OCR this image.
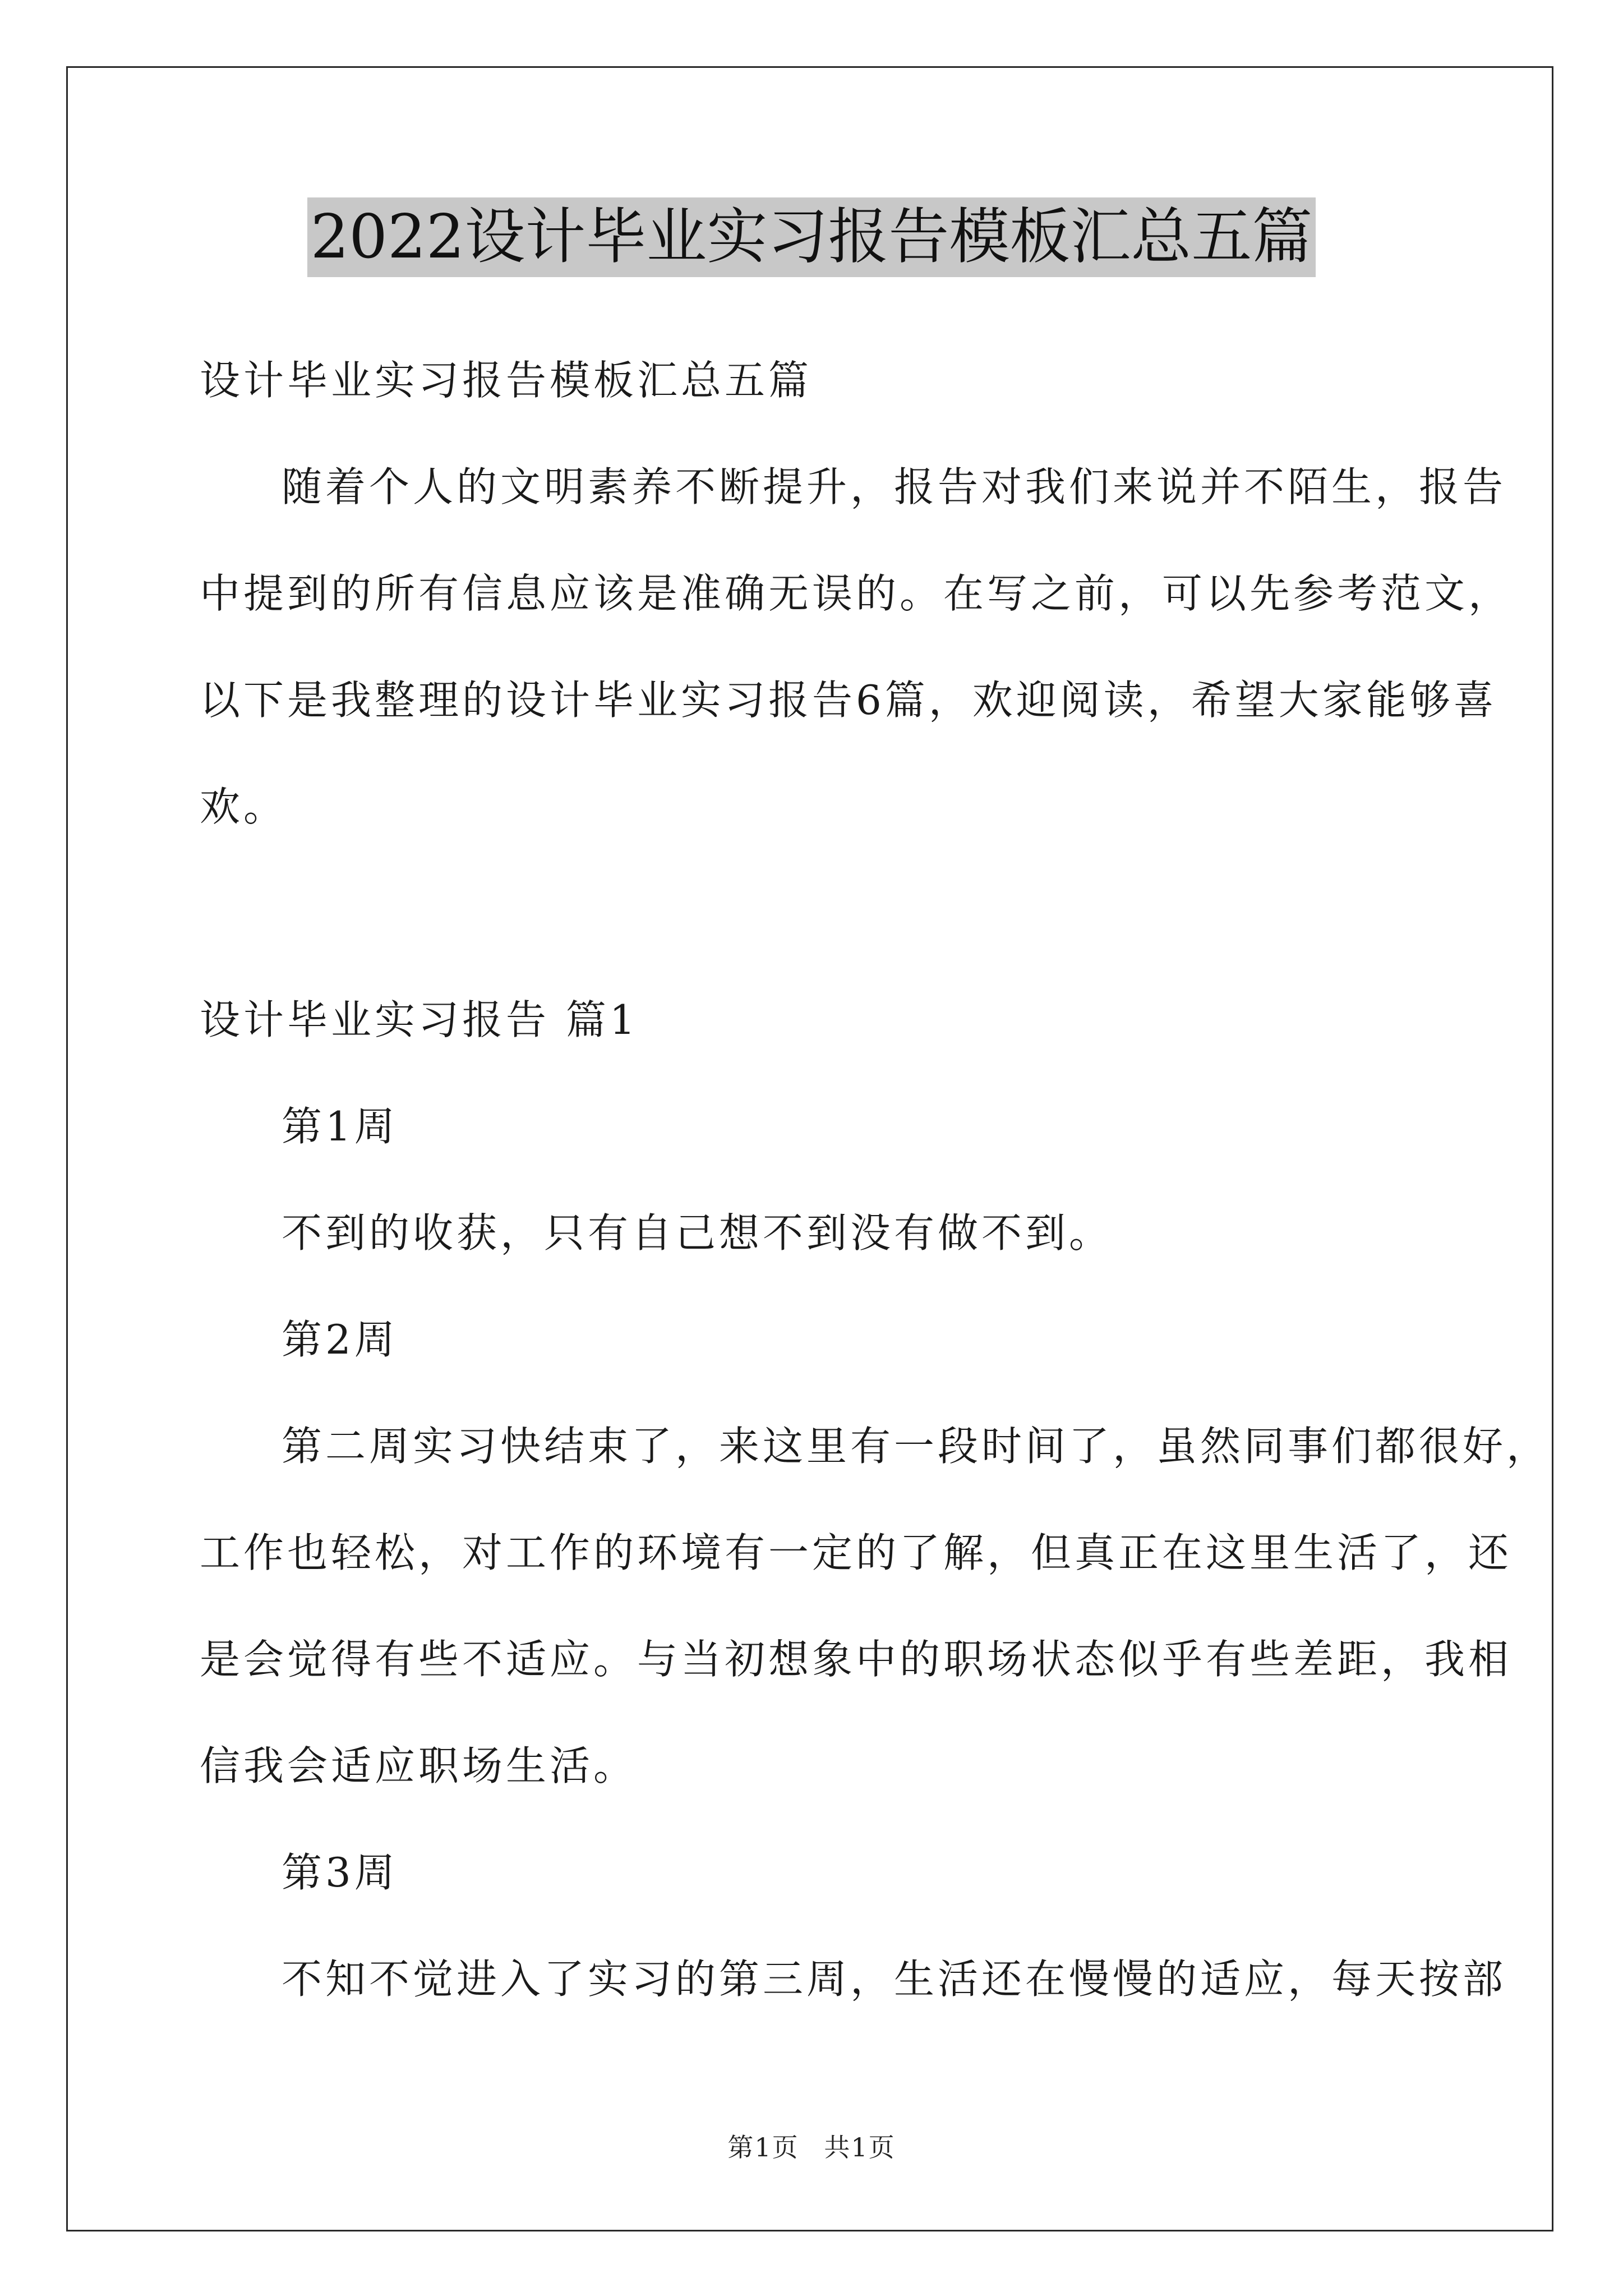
2022设计毕业实习报告模板汇总五篇
设计毕业实习报告模板汇总五篇
随着个人的文明素养不断提升，报告对我们来说并不陌生，报告
中提到的所有信息应该是准确无误的。在写之前，可以先参考范文，
以下是我整理的设计毕业实习报告6篇，欢迎阅读，希望大家能够喜
欢。
设计毕业实习报告 篇1
第1周
不到的收获，只有自己想不到没有做不到。
第2周
第二周实习快结束了，来这里有一段时间了，虽然同事们都很好，
工作也轻松，对工作的环境有一定的了解，但真正在这里生活了，还
是会觉得有些不适应。与当初想象中的职场状态似乎有些差距，我相
信我会适应职场生活。
第3周
不知不觉进入了实习的第三周，生活还在慢慢的适应，每天按部
第1页 共1页
